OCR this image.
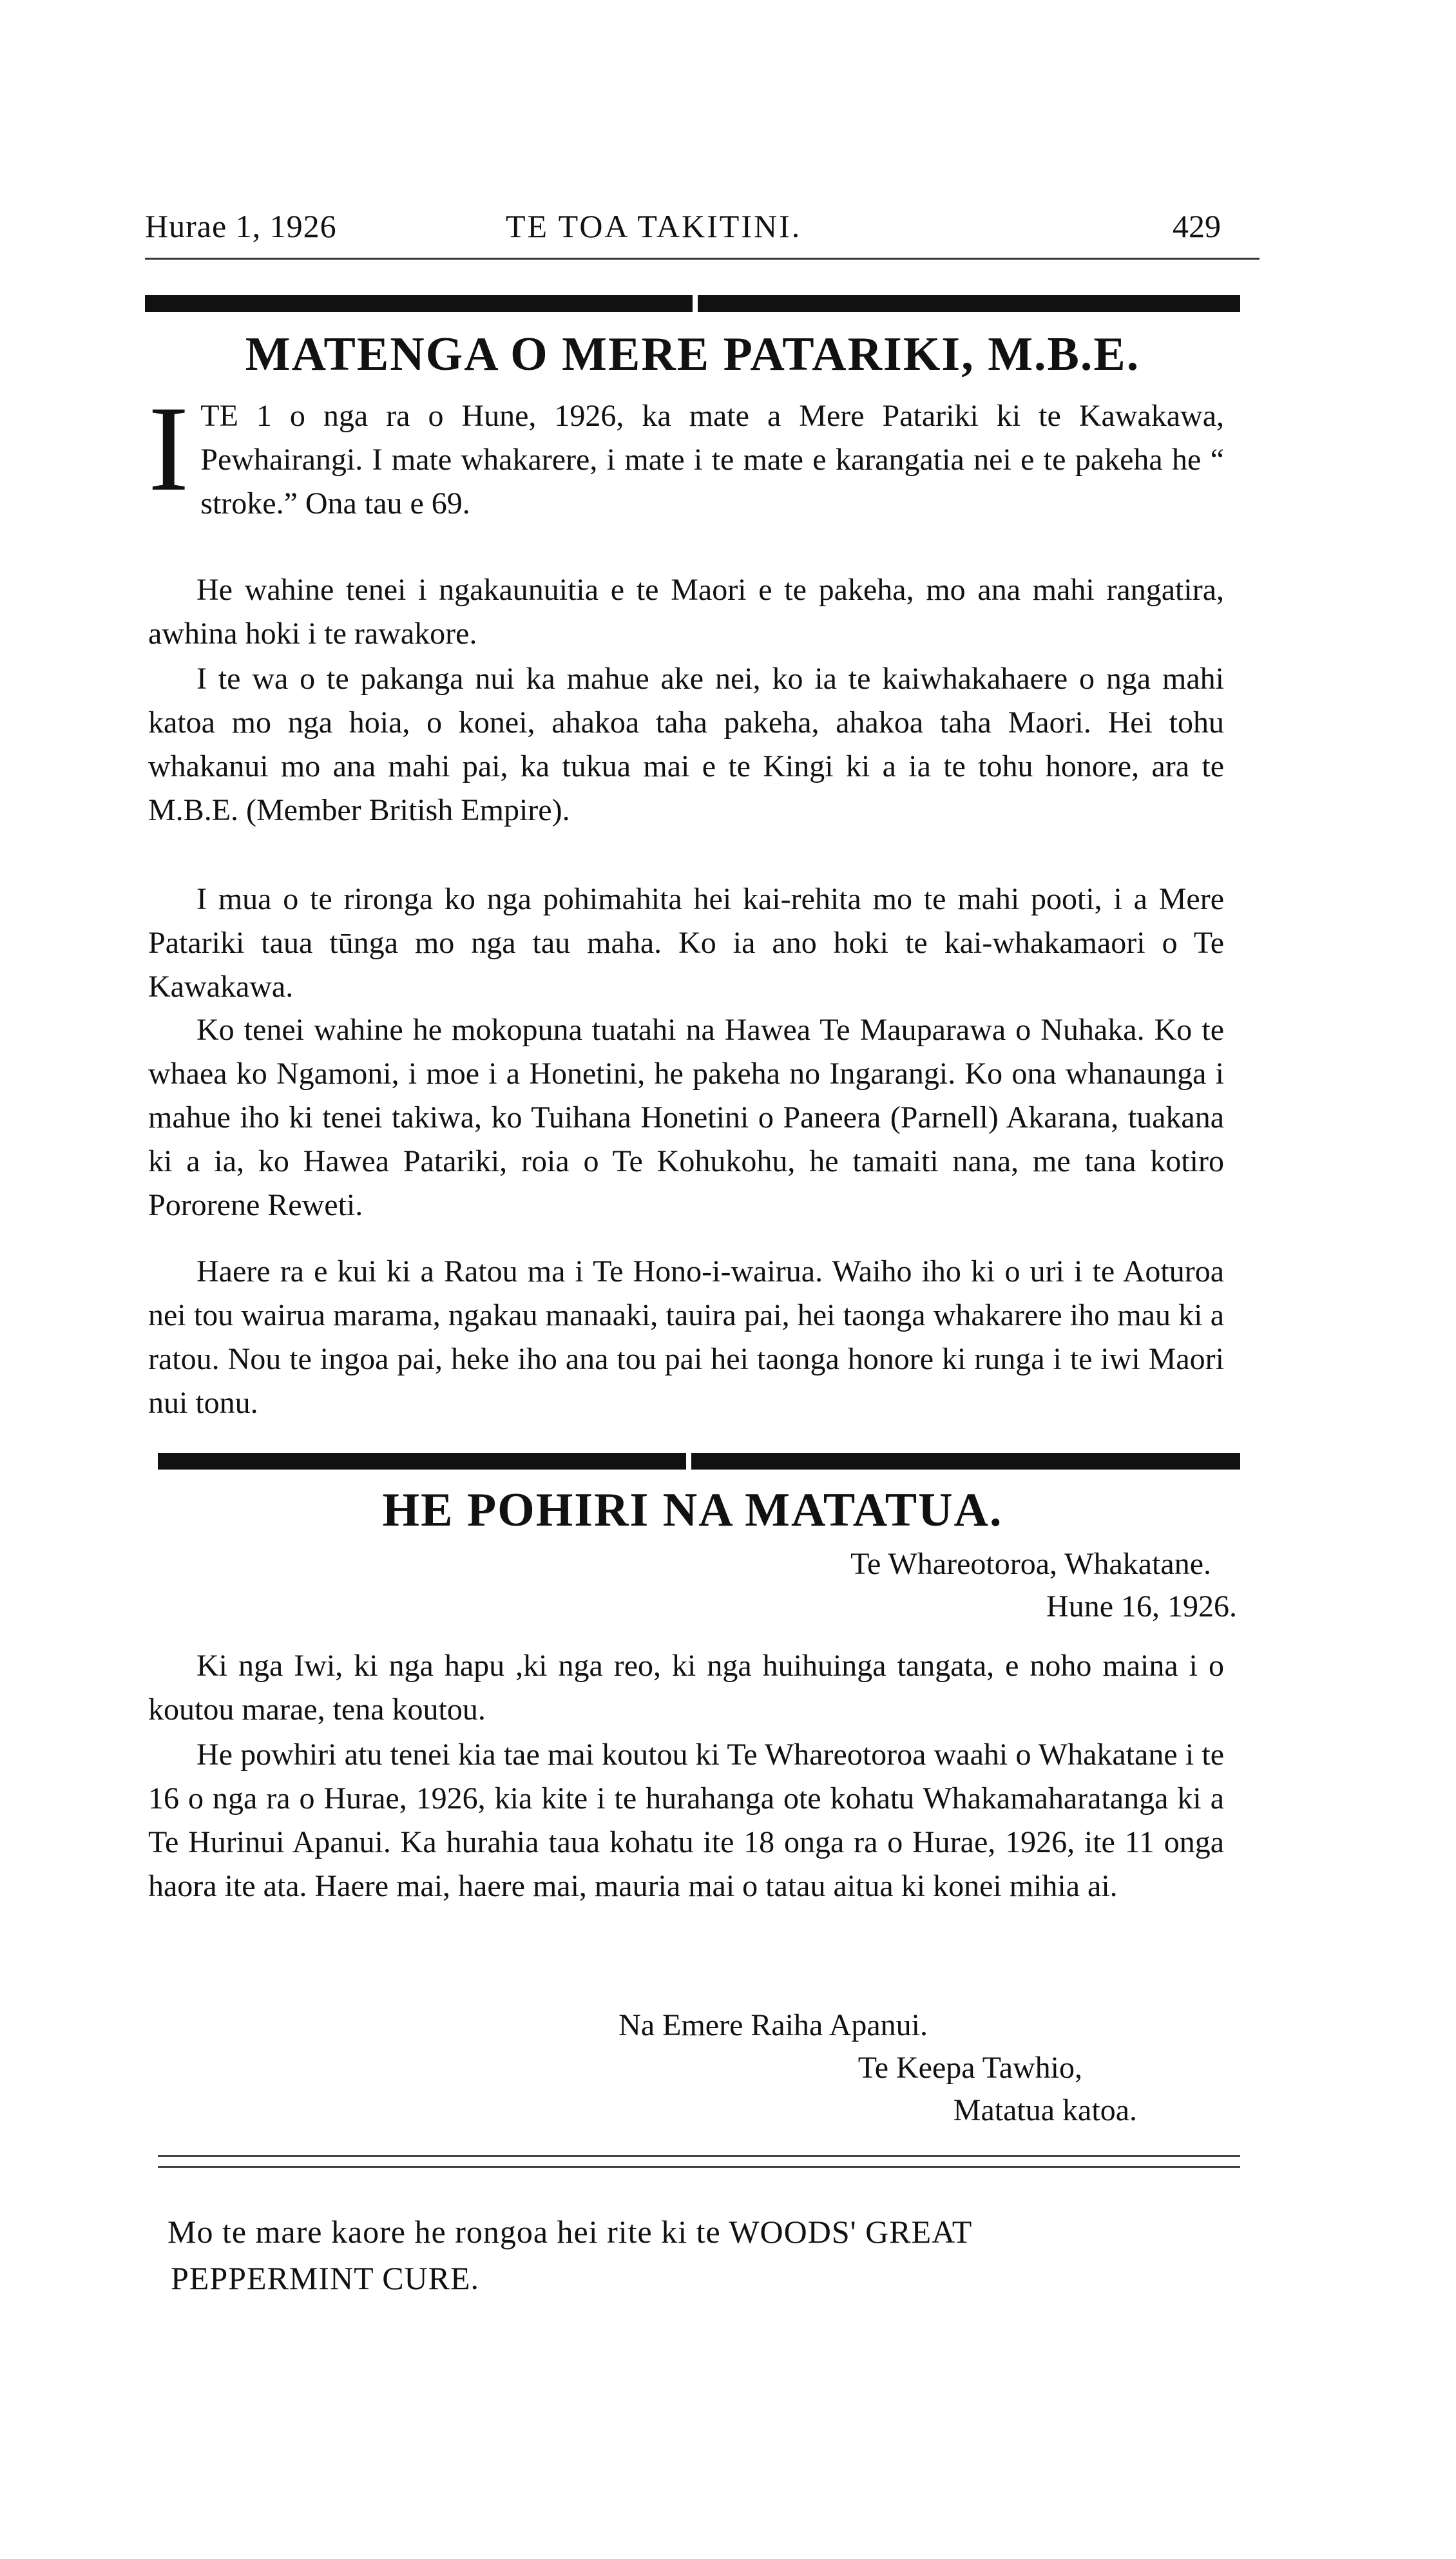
Hurae 1, 1926	TE TOA TAKITINI.	429
MATENGA O MERE PATARIKI, M.B.E.
ITE 1 o nga ra o Hune, 1926, ka mate a Mere Patariki ki te Kawakawa, Pewhairangi. I mate whakarere, i mate i te mate e karangatia nei e te pakeha he “ stroke.” Ona tau e 69.
He wahine tenei i ngakaunuitia e te Maori e te pakeha, mo ana mahi rangatira, awhina hoki i te rawakore.
I te wa o te pakanga nui ka mahue ake nei, ko ia te kaiwhakahaere o nga mahi katoa mo nga hoia, o konei, ahakoa taha pakeha, ahakoa taha Maori. Hei tohu whakanui mo ana mahi pai, ka tukua mai e te Kingi ki a ia te tohu honore, ara te M.B.E. (Member British Empire).
I mua o te rironga ko nga pohimahita hei kai-rehita mo te mahi pooti, i a Mere Patariki taua tūnga mo nga tau maha. Ko ia ano hoki te kai-whakamaori o Te Kawakawa.
Ko tenei wahine he mokopuna tuatahi na Hawea Te Mauparawa o Nuhaka. Ko te whaea ko Ngamoni, i moe i a Honetini, he pakeha no Ingarangi. Ko ona whanaunga i mahue iho ki tenei takiwa, ko Tuihana Honetini o Paneera (Parnell) Akarana, tuakana ki a ia, ko Hawea Patariki, roia o Te Kohukohu, he tamaiti nana, me tana kotiro Pororene Reweti.
Haere ra e kui ki a Ratou ma i Te Hono-i-wairua. Waiho iho ki o uri i te Aoturoa nei tou wairua marama, ngakau manaaki, tauira pai, hei taonga whakarere iho mau ki a ratou. Nou te ingoa pai, heke iho ana tou pai hei taonga honore ki runga i te iwi Maori nui tonu.
HE POHIRI NA MATATUA.
Te Whareotoroa, Whakatane.
Hune 16, 1926.
Ki nga Iwi, ki nga hapu ,ki nga reo, ki nga huihuinga tangata, e noho maina i o koutou marae, tena koutou.
He powhiri atu tenei kia tae mai koutou ki Te Whareotoroa waahi o Whakatane i te 16 o nga ra o Hurae, 1926, kia kite i te hurahanga ote kohatu Whakamaharatanga ki a Te Hurinui Apanui. Ka hurahia taua kohatu ite 18 onga ra o Hurae, 1926, ite 11 onga haora ite ata. Haere mai, haere mai, mauria mai o tatau aitua ki konei mihia ai.
Na Emere Raiha Apanui.
Te Keepa Tawhio,
Matatua katoa.
Mo te mare kaore he rongoa hei rite ki te WOODS' GREAT
PEPPERMINT CURE.
